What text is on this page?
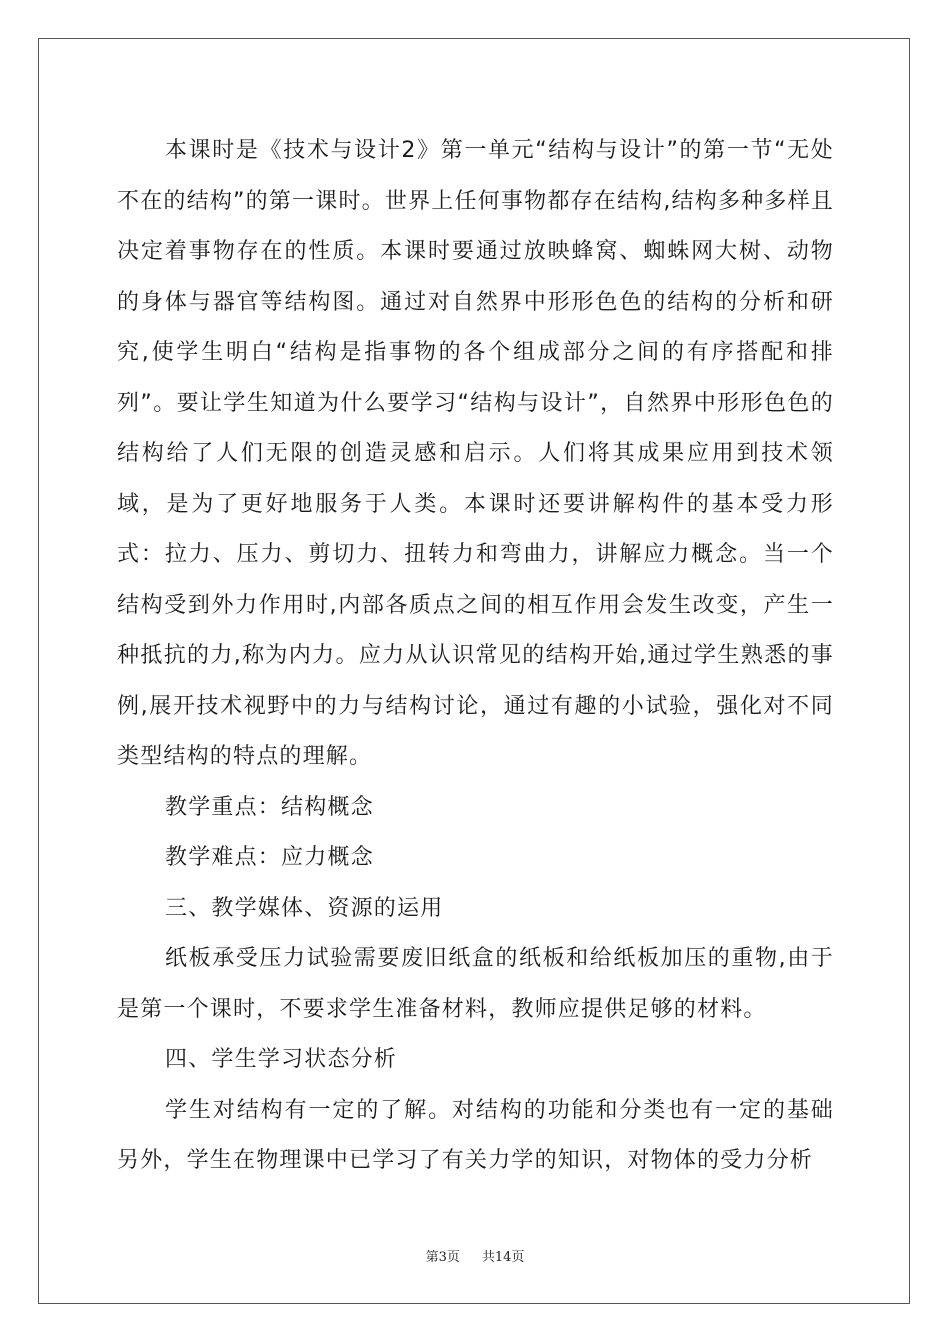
本课时是《技术与设计2》第一单元“结构与设计”的第一节“无处不在的结构”的第一课时。世界上任何事物都存在结构,结构多种多样且决定着事物存在的性质。本课时要通过放映蜂窝、蜘蛛网大树、动物的身体与器官等结构图。通过对自然界中形形色色的结构的分析和研究,使学生明白“结构是指事物的各个组成部分之间的有序搭配和排列”。要让学生知道为什么要学习“结构与设计”，自然界中形形色色的结构给了人们无限的创造灵感和启示。人们将其成果应用到技术领域，是为了更好地服务于人类。本课时还要讲解构件的基本受力形式：拉力、压力、剪切力、扭转力和弯曲力，讲解应力概念。当一个结构受到外力作用时,内部各质点之间的相互作用会发生改变，产生一种抵抗的力,称为内力。应力从认识常见的结构开始,通过学生熟悉的事例,展开技术视野中的力与结构讨论，通过有趣的小试验，强化对不同类型结构的特点的理解。

教学重点：结构概念

教学难点：应力概念

三、教学媒体、资源的运用

纸板承受压力试验需要废旧纸盒的纸板和给纸板加压的重物,由于是第一个课时，不要求学生准备材料，教师应提供足够的材料。

四、学生学习状态分析

学生对结构有一定的了解。对结构的功能和分类也有一定的基础另外，学生在物理课中已学习了有关力学的知识，对物体的受力分析

第3页 共14页
